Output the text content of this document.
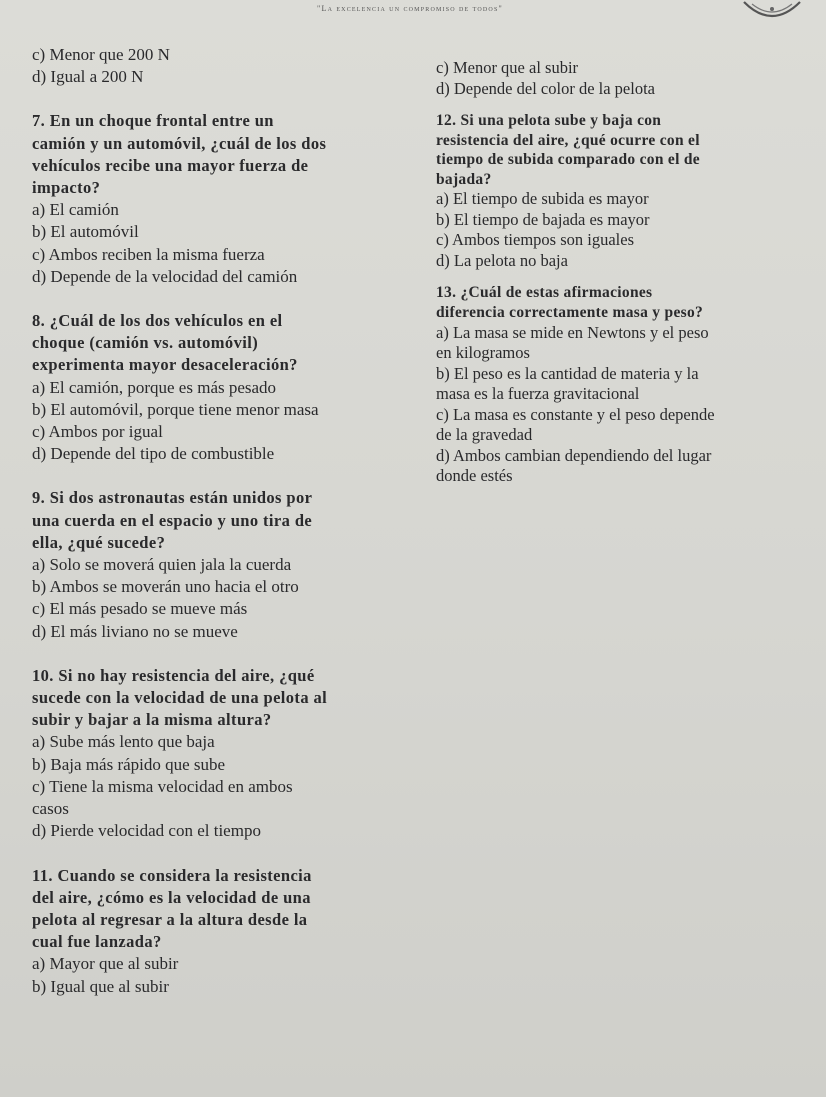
"La excelencia un compromiso de todos"
c) Menor que 200 N
d) Igual a 200 N
7. En un choque frontal entre un
camión y un automóvil, ¿cuál de los dos
vehículos recibe una mayor fuerza de
impacto?
a) El camión
b) El automóvil
c) Ambos reciben la misma fuerza
d) Depende de la velocidad del camión
8. ¿Cuál de los dos vehículos en el
choque (camión vs. automóvil)
experimenta mayor desaceleración?
a) El camión, porque es más pesado
b) El automóvil, porque tiene menor masa
c) Ambos por igual
d) Depende del tipo de combustible
9. Si dos astronautas están unidos por
una cuerda en el espacio y uno tira de
ella, ¿qué sucede?
a) Solo se moverá quien jala la cuerda
b) Ambos se moverán uno hacia el otro
c) El más pesado se mueve más
d) El más liviano no se mueve
10. Si no hay resistencia del aire, ¿qué
sucede con la velocidad de una pelota al
subir y bajar a la misma altura?
a) Sube más lento que baja
b) Baja más rápido que sube
c) Tiene la misma velocidad en ambos
casos
d) Pierde velocidad con el tiempo
11. Cuando se considera la resistencia
del aire, ¿cómo es la velocidad de una
pelota al regresar a la altura desde la
cual fue lanzada?
a) Mayor que al subir
b) Igual que al subir
c) Menor que al subir
d) Depende del color de la pelota
12. Si una pelota sube y baja con
resistencia del aire, ¿qué ocurre con el
tiempo de subida comparado con el de
bajada?
a) El tiempo de subida es mayor
b) El tiempo de bajada es mayor
c) Ambos tiempos son iguales
d) La pelota no baja
13. ¿Cuál de estas afirmaciones
diferencia correctamente masa y peso?
a) La masa se mide en Newtons y el peso
en kilogramos
b) El peso es la cantidad de materia y la
masa es la fuerza gravitacional
c) La masa es constante y el peso depende
de la gravedad
d) Ambos cambian dependiendo del lugar
donde estés
